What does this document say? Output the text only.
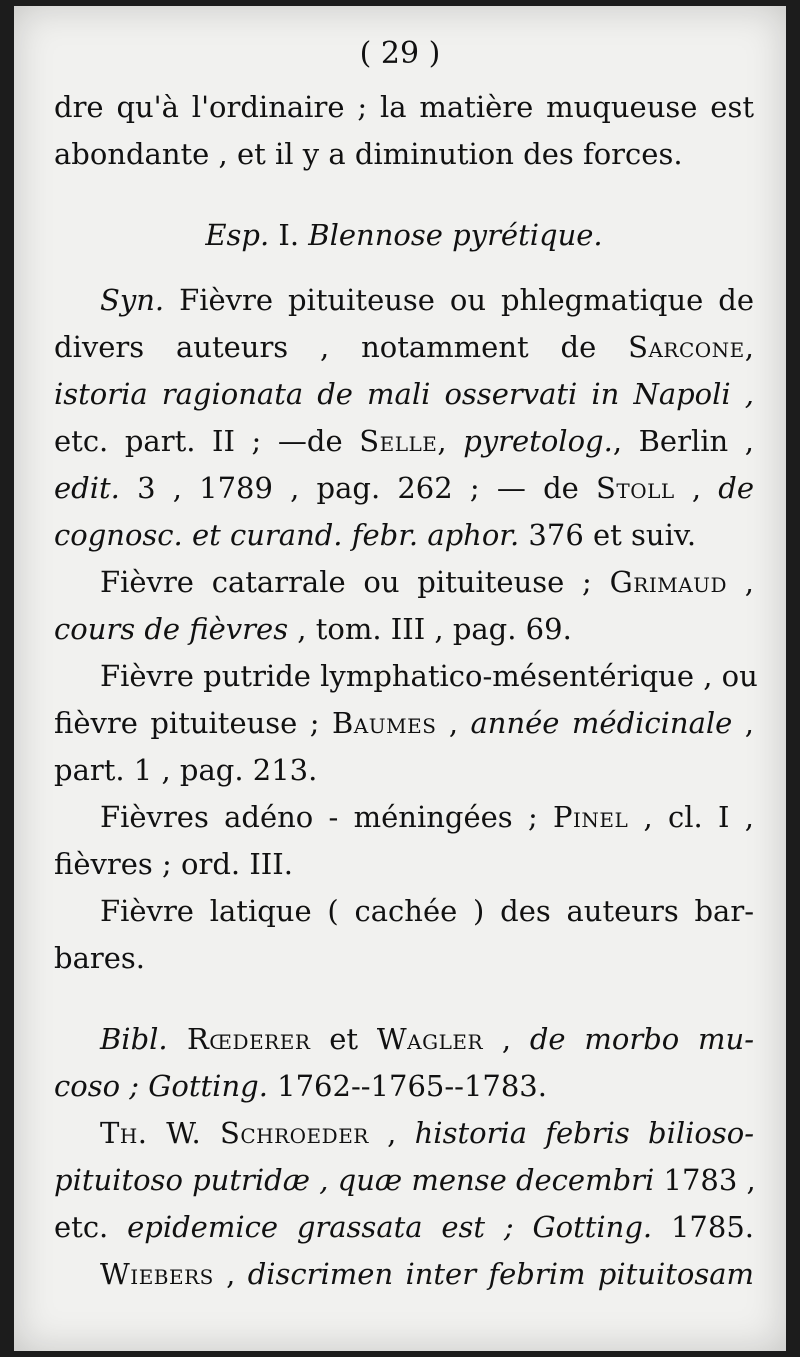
( 29 )
dre qu'à l'ordinaire ; la matière muqueuse est
abondante , et il y a diminution des forces.
Esp. I. Blennose pyrétique.
Syn. Fièvre pituiteuse ou phlegmatique de
divers auteurs , notamment de Sarcone,
istoria ragionata de mali osservati in Napoli ,
etc. part. II ; —de Selle, pyretolog., Berlin ,
edit. 3 , 1789 , pag. 262 ; — de Stoll , de
cognosc. et curand. febr. aphor. 376 et suiv.
Fièvre catarrale ou pituiteuse ; Grimaud ,
cours de fièvres , tom. III , pag. 69.
Fièvre putride lymphatico-mésentérique , ou
fièvre pituiteuse ; Baumes , année médicinale ,
part. 1 , pag. 213.
Fièvres adéno - méningées ; Pinel , cl. I ,
fièvres ; ord. III.
Fièvre latique ( cachée ) des auteurs bar-
bares.
Bibl. Rœderer et Wagler , de morbo mu-
coso ; Gotting. 1762--1765--1783.
Th. W. Schroeder , historia febris bilioso-
pituitoso putridæ , quæ mense decembri 1783 ,
etc. epidemice grassata est ; Gotting. 1785.
Wiebers , discrimen inter febrim pituitosam
